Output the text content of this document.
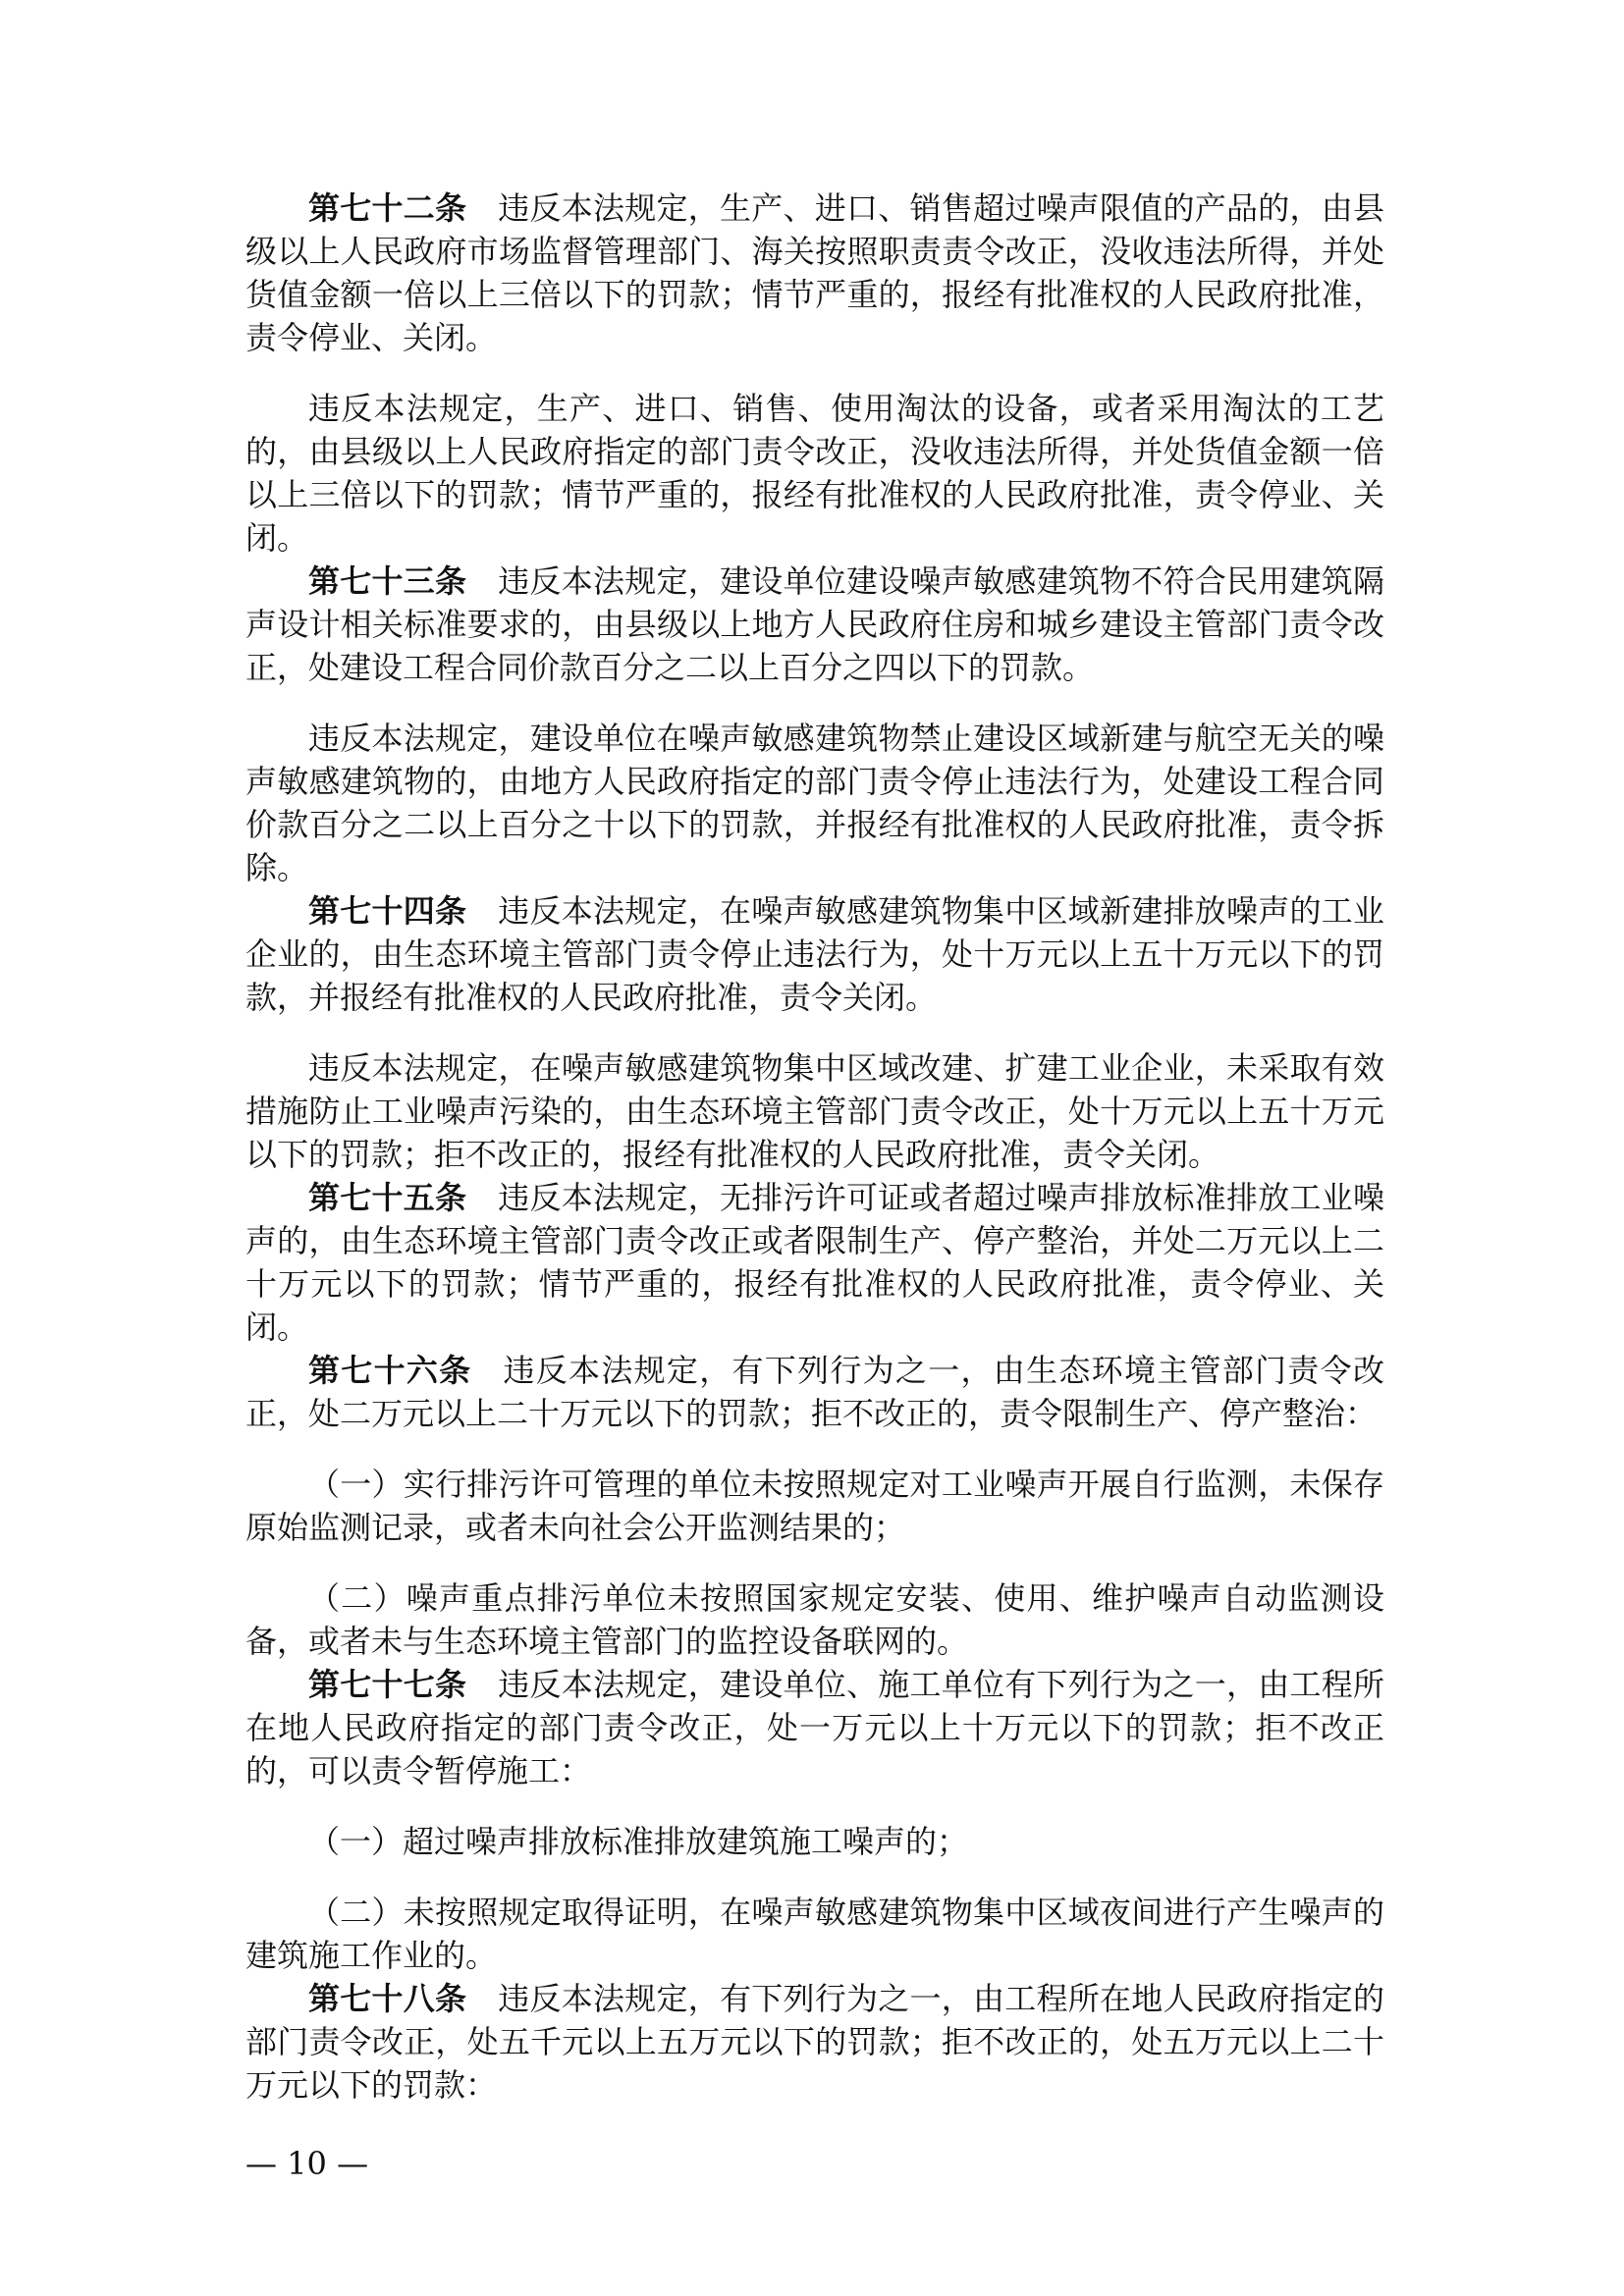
第七十二条 违反本法规定，生产、进口、销售超过噪声限值的产品的，由县级以上人民政府市场监督管理部门、海关按照职责责令改正，没收违法所得，并处货值金额一倍以上三倍以下的罚款；情节严重的，报经有批准权的人民政府批准，责令停业、关闭。

违反本法规定，生产、进口、销售、使用淘汰的设备，或者采用淘汰的工艺的，由县级以上人民政府指定的部门责令改正，没收违法所得，并处货值金额一倍以上三倍以下的罚款；情节严重的，报经有批准权的人民政府批准，责令停业、关闭。

第七十三条 违反本法规定，建设单位建设噪声敏感建筑物不符合民用建筑隔声设计相关标准要求的，由县级以上地方人民政府住房和城乡建设主管部门责令改正，处建设工程合同价款百分之二以上百分之四以下的罚款。

违反本法规定，建设单位在噪声敏感建筑物禁止建设区域新建与航空无关的噪声敏感建筑物的，由地方人民政府指定的部门责令停止违法行为，处建设工程合同价款百分之二以上百分之十以下的罚款，并报经有批准权的人民政府批准，责令拆除。

第七十四条 违反本法规定，在噪声敏感建筑物集中区域新建排放噪声的工业企业的，由生态环境主管部门责令停止违法行为，处十万元以上五十万元以下的罚款，并报经有批准权的人民政府批准，责令关闭。

违反本法规定，在噪声敏感建筑物集中区域改建、扩建工业企业，未采取有效措施防止工业噪声污染的，由生态环境主管部门责令改正，处十万元以上五十万元以下的罚款；拒不改正的，报经有批准权的人民政府批准，责令关闭。

第七十五条 违反本法规定，无排污许可证或者超过噪声排放标准排放工业噪声的，由生态环境主管部门责令改正或者限制生产、停产整治，并处二万元以上二十万元以下的罚款；情节严重的，报经有批准权的人民政府批准，责令停业、关闭。

第七十六条 违反本法规定，有下列行为之一，由生态环境主管部门责令改正，处二万元以上二十万元以下的罚款；拒不改正的，责令限制生产、停产整治：

（一）实行排污许可管理的单位未按照规定对工业噪声开展自行监测，未保存原始监测记录，或者未向社会公开监测结果的；

（二）噪声重点排污单位未按照国家规定安装、使用、维护噪声自动监测设备，或者未与生态环境主管部门的监控设备联网的。

第七十七条 违反本法规定，建设单位、施工单位有下列行为之一，由工程所在地人民政府指定的部门责令改正，处一万元以上十万元以下的罚款；拒不改正的，可以责令暂停施工：

（一）超过噪声排放标准排放建筑施工噪声的；

（二）未按照规定取得证明，在噪声敏感建筑物集中区域夜间进行产生噪声的建筑施工作业的。

第七十八条 违反本法规定，有下列行为之一，由工程所在地人民政府指定的部门责令改正，处五千元以上五万元以下的罚款；拒不改正的，处五万元以上二十万元以下的罚款：

— 10 —
